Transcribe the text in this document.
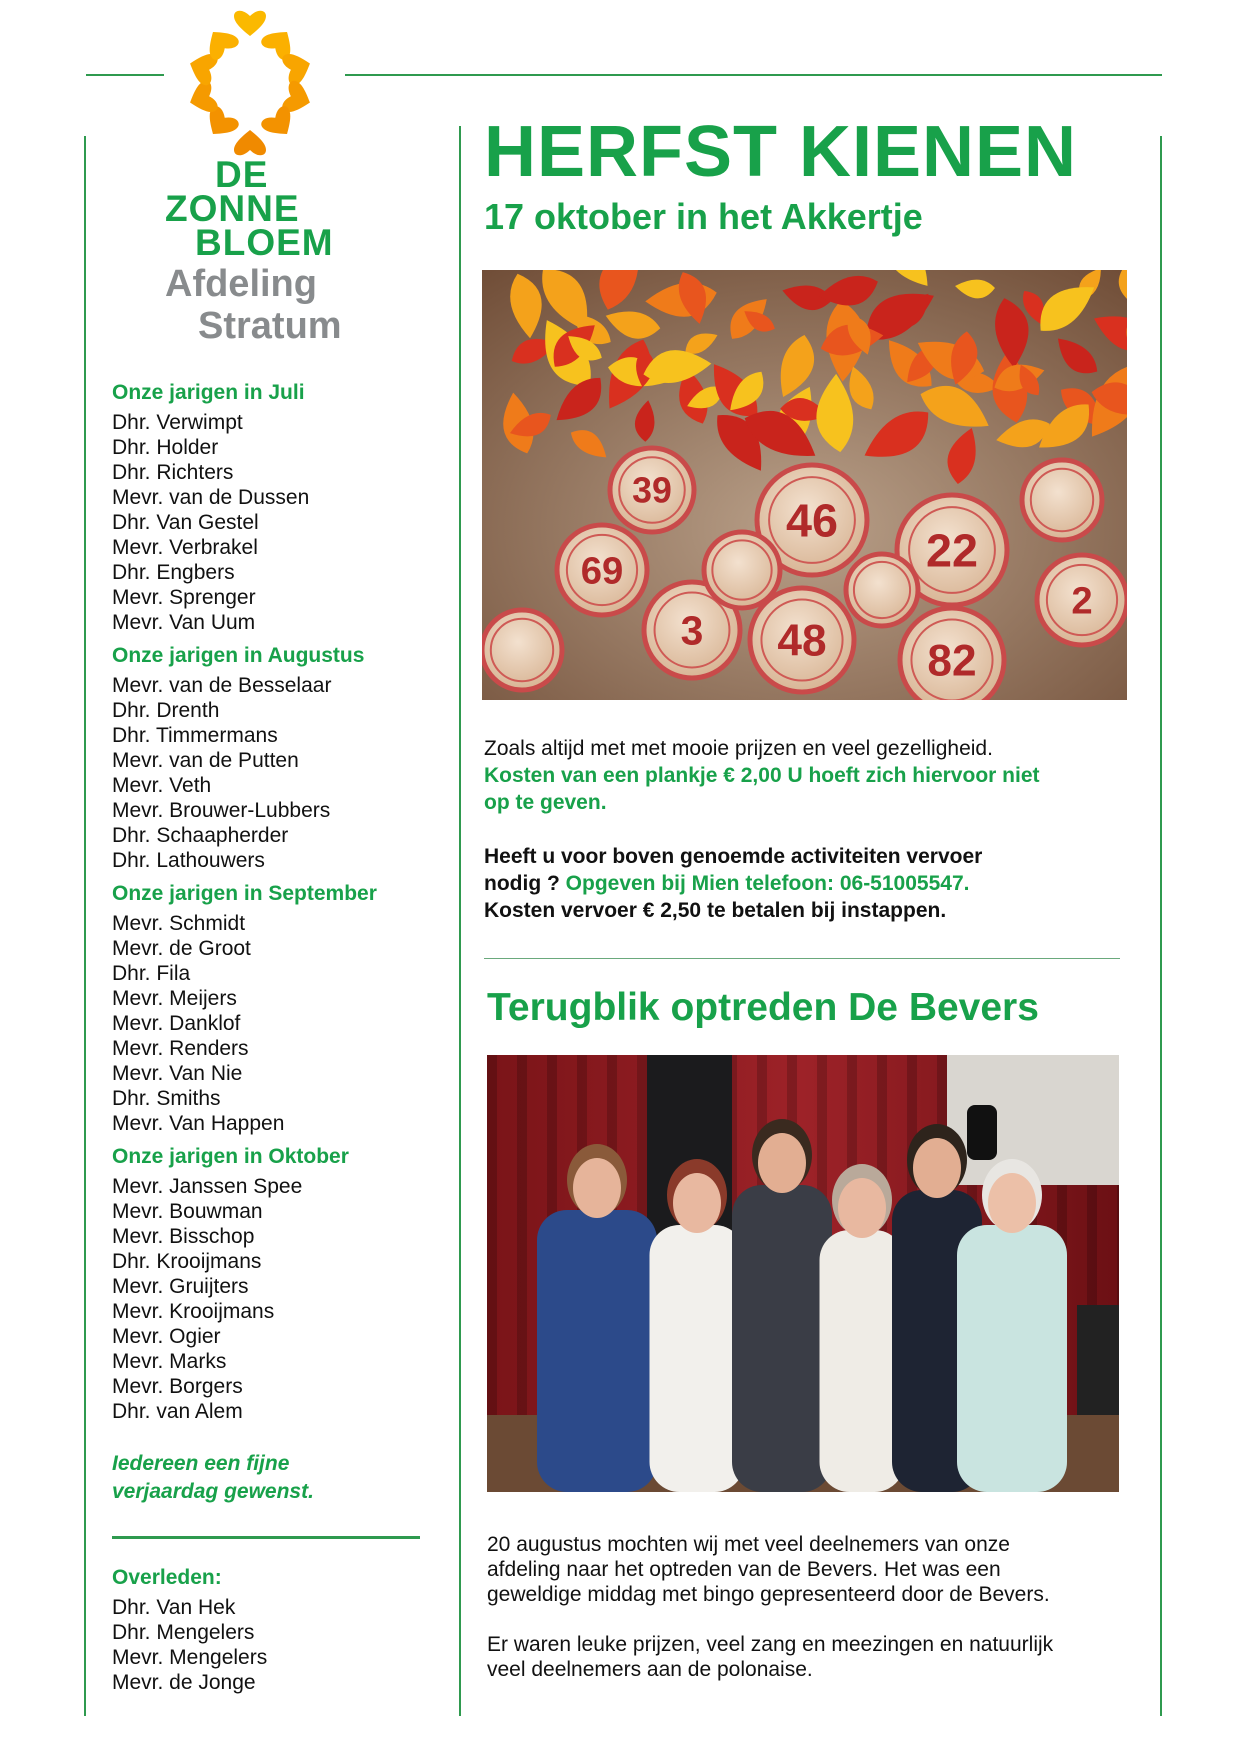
DE
ZONNE
BLOEM
Afdeling
Stratum
Onze jarigen in Juli
Dhr. Verwimpt
Dhr. Holder
Dhr. Richters
Mevr. van de Dussen
Dhr. Van Gestel
Mevr. Verbrakel
Dhr. Engbers
Mevr. Sprenger
Mevr. Van Uum
Onze jarigen in Augustus
Mevr. van de Besselaar
Dhr. Drenth
Dhr. Timmermans
Mevr. van de Putten
Mevr. Veth
Mevr. Brouwer-Lubbers
Dhr. Schaapherder
Dhr. Lathouwers
Onze jarigen in September
Mevr. Schmidt
Mevr. de Groot
Dhr. Fila
Mevr. Meijers
Mevr. Danklof
Mevr. Renders
Mevr. Van Nie
Dhr. Smiths
Mevr. Van Happen
Onze jarigen in Oktober
Mevr. Janssen Spee
Mevr. Bouwman
Mevr. Bisschop
Dhr. Krooijmans
Mevr. Gruijters
Mevr. Krooijmans
Mevr. Ogier
Mevr. Marks
Mevr. Borgers
Dhr. van Alem
Iedereen een fijne
verjaardag gewenst.
Overleden:
Dhr. Van Hek
Dhr. Mengelers
Mevr. Mengelers
Mevr. de Jonge
HERFST KIENEN
17 oktober in het Akkertje
39
46
22
69
3 48 82
2
Zoals altijd met met mooie prijzen en veel gezelligheid.
Kosten van een plankje € 2,00 U hoeft zich hiervoor niet
op te geven.
Heeft u voor boven genoemde activiteiten vervoer
nodig ? Opgeven bij Mien telefoon: 06-51005547.
Kosten vervoer € 2,50 te betalen bij instappen.
Terugblik optreden De Bevers
20 augustus mochten wij met veel deelnemers van onze
afdeling naar het optreden van de Bevers. Het was een
geweldige middag met bingo gepresenteerd door de Bevers.
Er waren leuke prijzen, veel zang en meezingen en natuurlijk
veel deelnemers aan de polonaise.
